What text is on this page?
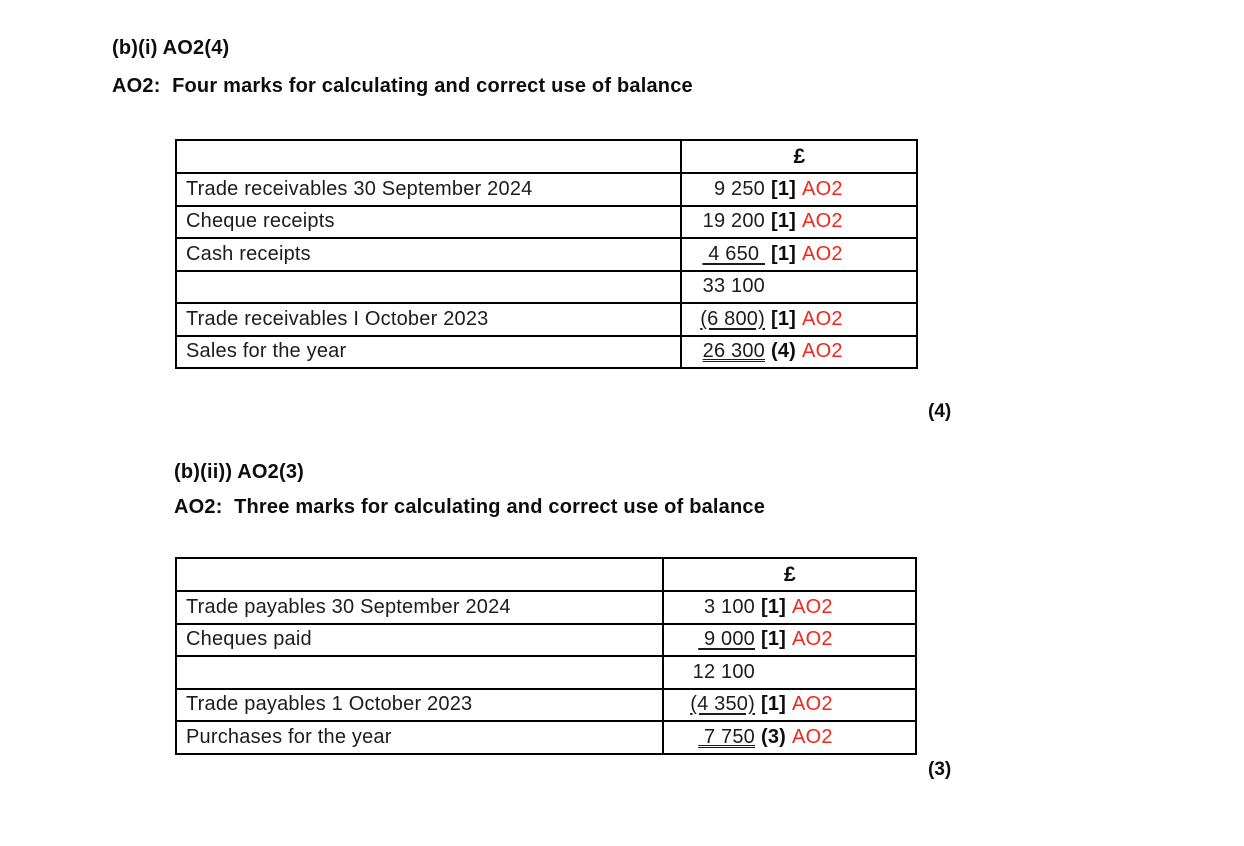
(b)(i) AO2(4)
AO2:  Four marks for calculating and correct use of balance
	£
Trade receivables 30 September 2024	9 250 [1] AO2
Cheque receipts	19 200 [1] AO2
Cash receipts	4 650 [1] AO2
	33 100
Trade receivables I October 2023	(6 800) [1] AO2
Sales for the year	26 300 (4) AO2
(4)
(b)(ii)) AO2(3)
AO2:  Three marks for calculating and correct use of balance
	£
Trade payables 30 September 2024	3 100 [1] AO2
Cheques paid	9 000 [1] AO2
	12 100
Trade payables 1 October 2023	(4 350) [1] AO2
Purchases for the year	7 750 (3) AO2
(3)
